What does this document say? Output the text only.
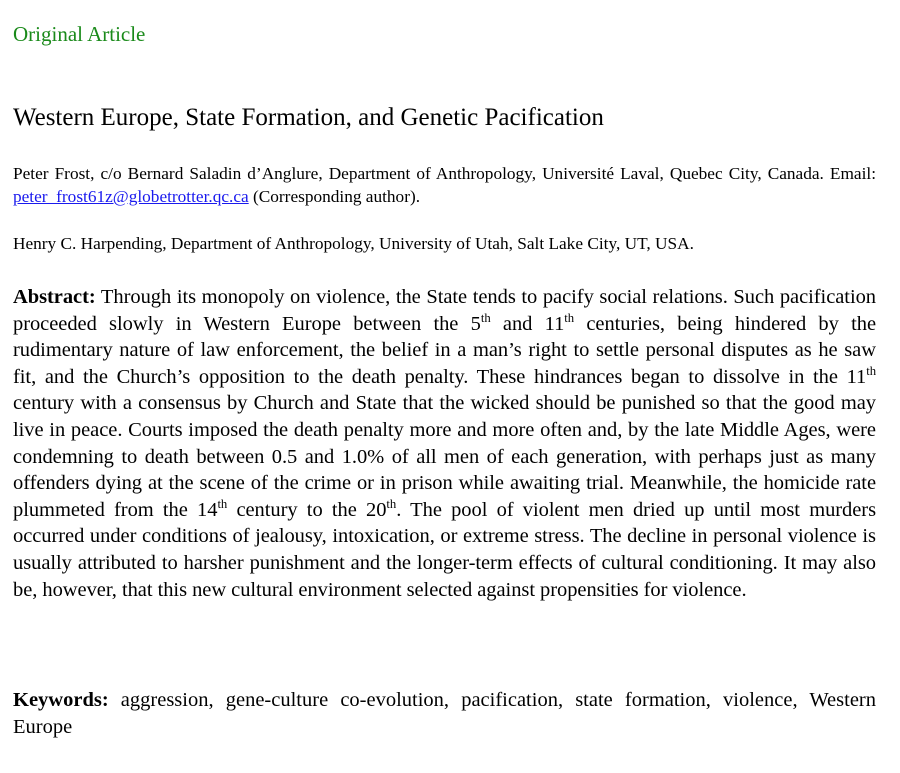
Original Article
Western Europe, State Formation, and Genetic Pacification
Peter Frost, c/o Bernard Saladin d’Anglure, Department of Anthropology, Université Laval, Quebec City, Canada. Email: peter_frost61z@globetrotter.qc.ca (Corresponding author).
Henry C. Harpending, Department of Anthropology, University of Utah, Salt Lake City, UT, USA.

Abstract: Through its monopoly on violence, the State tends to pacify social relations. Such pacification proceeded slowly in Western Europe between the 5th and 11th centuries, being hindered by the rudimentary nature of law enforcement, the belief in a man’s right to settle personal disputes as he saw fit, and the Church’s opposition to the death penalty. These hindrances began to dissolve in the 11th century with a consensus by Church and State that the wicked should be punished so that the good may live in peace. Courts imposed the death penalty more and more often and, by the late Middle Ages, were condemning to death between 0.5 and 1.0% of all men of each generation, with perhaps just as many offenders dying at the scene of the crime or in prison while awaiting trial. Meanwhile, the homicide rate plummeted from the 14th century to the 20th. The pool of violent men dried up until most murders occurred under conditions of jealousy, intoxication, or extreme stress. The decline in personal violence is usually attributed to harsher punishment and the longer-term effects of cultural conditioning. It may also be, however, that this new cultural environment selected against propensities for violence.

Keywords: aggression, gene-culture co-evolution, pacification, state formation, violence, Western Europe
